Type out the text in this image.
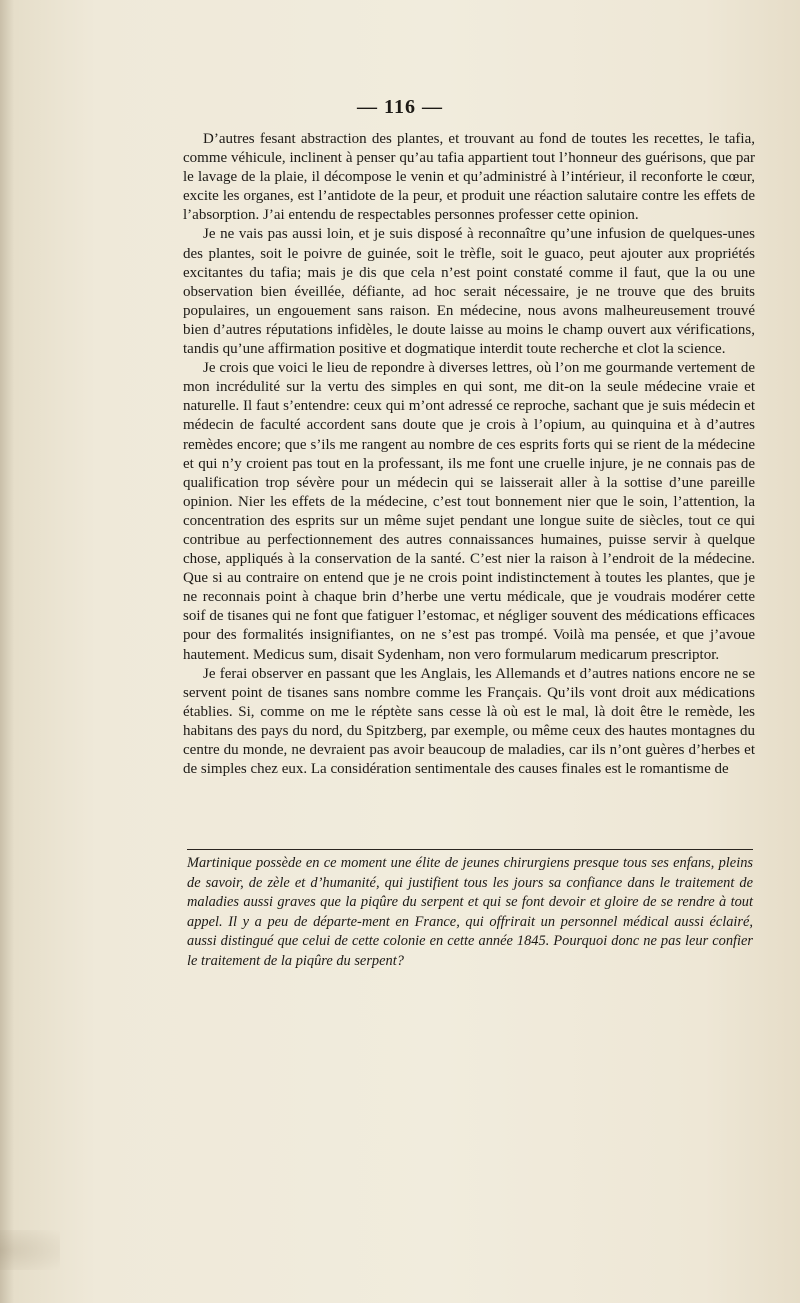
— 116 —

D’autres fesant abstraction des plantes, et trouvant au fond de toutes les recettes, le tafia, comme véhicule, inclinent à penser qu’au tafia appartient tout l’honneur des guérisons, que par le lavage de la plaie, il décompose le venin et qu’administré à l’intérieur, il reconforte le cœur, excite les organes, est l’antidote de la peur, et produit une réaction salutaire contre les effets de l’absorption. J’ai entendu de respectables personnes professer cette opinion.

Je ne vais pas aussi loin, et je suis disposé à reconnaître qu’une infusion de quelques-unes des plantes, soit le poivre de guinée, soit le trèfle, soit le guaco, peut ajouter aux propriétés excitantes du tafia; mais je dis que cela n’est point constaté comme il faut, que la ou une observation bien éveillée, défiante, ad hoc serait nécessaire, je ne trouve que des bruits populaires, un engouement sans raison. En médecine, nous avons malheureusement trouvé bien d’autres réputations infidèles, le doute laisse au moins le champ ouvert aux vérifications, tandis qu’une affirmation positive et dogmatique interdit toute recherche et clot la science.

Je crois que voici le lieu de repondre à diverses lettres, où l’on me gourmande vertement de mon incrédulité sur la vertu des simples en qui sont, me dit-on la seule médecine vraie et naturelle. Il faut s’entendre: ceux qui m’ont adressé ce reproche, sachant que je suis médecin et médecin de faculté accordent sans doute que je crois à l’opium, au quinquina et à d’autres remèdes encore; que s’ils me rangent au nombre de ces esprits forts qui se rient de la médecine et qui n’y croient pas tout en la professant, ils me font une cruelle injure, je ne connais pas de qualification trop sévère pour un médecin qui se laisserait aller à la sottise d’une pareille opinion. Nier les effets de la médecine, c’est tout bonnement nier que le soin, l’attention, la concentration des esprits sur un même sujet pendant une longue suite de siècles, tout ce qui contribue au perfectionnement des autres connaissances humaines, puisse servir à quelque chose, appliqués à la conservation de la santé. C’est nier la raison à l’endroit de la médecine. Que si au contraire on entend que je ne crois point indistinctement à toutes les plantes, que je ne reconnais point à chaque brin d’herbe une vertu médicale, que je voudrais modérer cette soif de tisanes qui ne font que fatiguer l’estomac, et négliger souvent des médications efficaces pour des formalités insignifiantes, on ne s’est pas trompé. Voilà ma pensée, et que j’avoue hautement. Medicus sum, disait Sydenham, non vero formularum medicarum prescriptor.

Je ferai observer en passant que les Anglais, les Allemands et d’autres nations encore ne se servent point de tisanes sans nombre comme les Français. Qu’ils vont droit aux médications établies. Si, comme on me le réptète sans cesse là où est le mal, là doit être le remède, les habitans des pays du nord, du Spitzberg, par exemple, ou même ceux des hautes montagnes du centre du monde, ne devraient pas avoir beaucoup de maladies, car ils n’ont guères d’herbes et de simples chez eux. La considération sentimentale des causes finales est le romantisme de

Martinique possède en ce moment une élite de jeunes chirurgiens presque tous ses enfans, pleins de savoir, de zèle et d’humanité, qui justifient tous les jours sa confiance dans le traitement de maladies aussi graves que la piqûre du serpent et qui se font devoir et gloire de se rendre à tout appel. Il y a peu de départe-ment en France, qui offrirait un personnel médical aussi éclairé, aussi distingué que celui de cette colonie en cette année 1845. Pourquoi donc ne pas leur confier le traitement de la piqûre du serpent?
